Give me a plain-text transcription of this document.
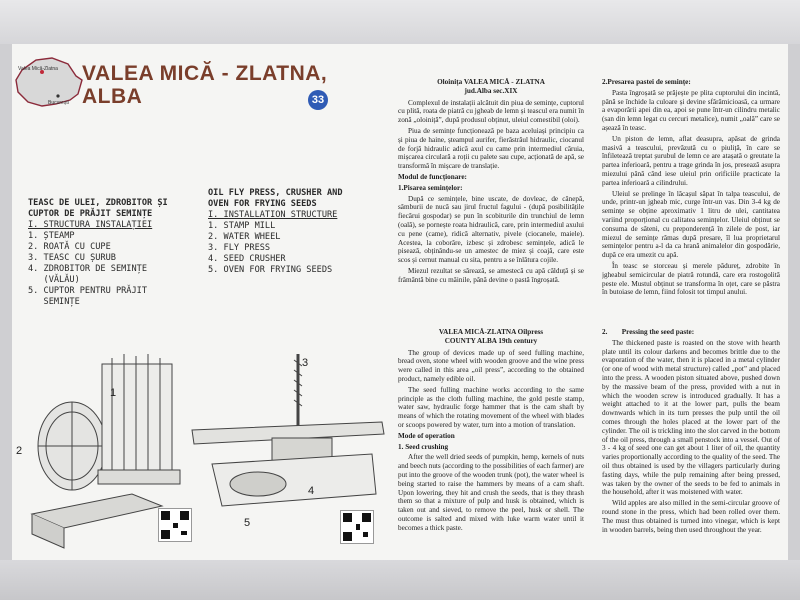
Valea Mică-Zlatna
București
VALEA MICĂ - ZLATNA,
ALBA	33
TEASC DE ULEI, ZDROBITOR ȘI
CUPTOR DE PRĂJIT SEMINȚE
I. STRUCTURA INSTALAȚIEI
1. ȘTEAMP
2. ROATĂ CU CUPE
3. TEASC CU ȘURUB
4. ZDROBITOR DE SEMINȚE
(VĂLĂU)
5. CUPTOR PENTRU PRĂJIT
SEMINȚE
OIL FLY PRESS, CRUSHER AND
OVEN FOR FRYING SEEDS
I. INSTALLATION STRUCTURE
1. STAMP MILL
2. WATER WHEEL
3. FLY PRESS
4. SEED CRUSHER
5. OVEN FOR FRYING SEEDS
1
2
3
4
5

Oloinița VALEA MICĂ - ZLATNA
jud.Alba sec.XIX

Complexul de instalații alcătuit din piua de semințe, cuptorul cu plită, roata de piatră cu jgheab de lemn și teascul era numit în zonă „oloiniță”, după produsul obținut, uleiul comestibil (oloi).

Piua de semințe funcționează pe baza aceluiași principiu ca și piua de haine, șteampul aurifer, fierăstrăul hidraulic, ciocanul de forjă hidraulic adică axul cu came prin intermediul căruia, mișcarea circulară a roții cu palete sau cupe, acționată de apă, se transformă în mișcare de translație.

Modul de funcționare:

1.Pisarea semințelor:

După ce semințele, bine uscate, de dovleac, de cânepă, sâmburii de nucă sau jirul fructul fagului - (după posibilitățile fiecărui gospodar) se pun în scobiturile din trunchiul de lemn (oală), se pornește roata hidraulică, care, prin intermediul axului cu pene (came), ridică alternativ, pivele (ciocanele, maiele). Acestea, la coborâre, izbesc și zdrobesc semințele, adică le pisează, obținându-se un amestec de miez și coajă, care este scos și cernut manual cu sita, pentru a se înlătura cojile.

Miezul rezultat se sărează, se amestecă cu apă călduță și se frământă bine cu mâinile, până devine o pastă îngroșată.

2.Presarea pastei de semințe:

Pasta îngroșată se prăjește pe plita cuptorului din incintă, până se închide la culoare și devine sfărâmicioasă, ca urmare a evaporării apei din ea, apoi se pune într-un cilindru metalic (san din lemn legat cu cercuri metalice), numit „oală” care se așează în teasc.

Un piston de lemn, aflat deasupra, apăsat de grinda masivă a teascului, prevăzută cu o piuliță, în care se înfiletează treptat șurubul de lemn ce are atașată o greutate la partea inferioară, pentru a trage grinda în jos, presează asupra miezului până când iese uleiul prin orificiile practicate la partea inferioară a cilindrului.

Uleiul se prelinge în lăcașul săpat în talpa teascului, de unde, printr-un jgheab mic, curge într-un vas. Din 3-4 kg de semințe se obține aproximativ 1 litru de ulei, cantitatea variind proporțional cu calitatea semințelor. Uleiul obținut se consuma de săteni, cu preponderență în zilele de post, iar miezul de semințe rămas după presare, îl lua proprietarul semințelor pentru a-l da ca hrană animalelor din gospodărie, după ce era umezit cu apă.

În teasc se storceau și merele pădureț, zdrobite în jgheabul semicircular de piatră rotundă, care era rostogolită peste ele. Mustul obținut se transforma în oțet, care se păstra în butoiase de lemn, fiind folosit tot timpul anului.

VALEA MICĂ-ZLATNA Oilpress
COUNTY ALBA 19th century

The group of devices made up of seed fulling machine, bread oven, stone wheel with wooden groove and the wine press were called in this area „oil press”, according to the obtained product, namely edible oil.

The seed fulling machine works according to the same principle as the cloth fulling machine, the gold pestle stamp, water saw, hydraulic forge hammer that is the cam shaft by means of which the rotating movement of the wheel with blades or scoops powered by water, turn into a motion of translation.

Mode of operation

1. Seed crushing

After the well dried seeds of pumpkin, hemp, kernels of nuts and beech nuts (according to the possibilities of each farmer) are put into the groove of the wooden trunk (pot), the water wheel is being started to raise the hammers by means of a cam shaft. Upon lowering, they hit and crush the seeds, that is they thrash them so that a mixture of pulp and husk is obtained, which is taken out and sieved, to remove the peel, husk or shell. The outcome is salted and mixed with luke warm water until it becomes a thick paste.

2.        Pressing the seed paste:

The thickened paste is roasted on the stove with hearth plate until its colour darkens and becomes brittle due to the evaporation of the water, then it is placed in a metal cylinder (or one of wood with metal structure) called „pot” and placed into the press. A wooden piston situated above, pushed down by the massive beam of the press, provided with a nut in which the wooden screw is introduced gradually. It has a weight attached to it at the lower part, pulls the beam downwards which in its turn presses the pulp until the oil comes through the holes placed at the lower part of the cylinder. The oil is trickling into the slot carved in the bottom of the oil press, through a small penstock into a vessel. Out of 3 - 4 kg of seed one can get about 1 liter of oil, the quantity varies proportionally according to the quality of the seed. The oil thus obtained is used by the villagers particularly during fasting days, while the pulp remaining after being pressed, was taken by the owner of the seeds to be fed to animals in the household, after it was moistened with water.

Wild apples are also milled in the semi-circular groove of round stone in the press, which had been rolled over them. The must thus obtained is turned into vinegar, which is kept in wooden barrels, being then used throughout the year.
